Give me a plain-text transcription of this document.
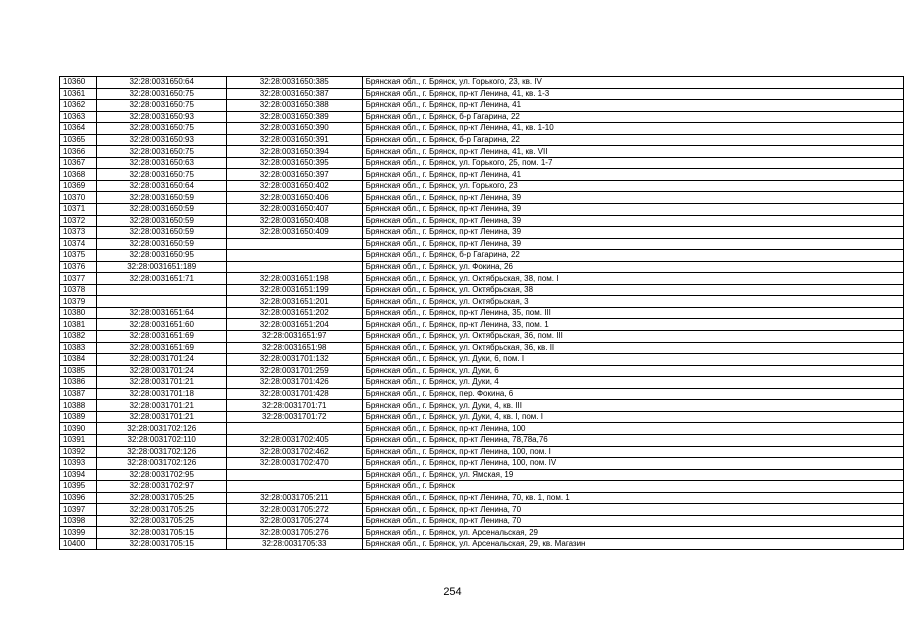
10360	32:28:0031650:64	32:28:0031650:385	Брянская обл., г. Брянск, ул. Горького, 23, кв. IV
10361	32:28:0031650:75	32:28:0031650:387	Брянская обл., г. Брянск, пр-кт Ленина, 41, кв. 1-3
10362	32:28:0031650:75	32:28:0031650:388	Брянская обл., г. Брянск, пр-кт Ленина, 41
10363	32:28:0031650:93	32:28:0031650:389	Брянская обл., г. Брянск, б-р Гагарина, 22
10364	32:28:0031650:75	32:28:0031650:390	Брянская обл., г. Брянск, пр-кт Ленина, 41, кв. 1-10
10365	32:28:0031650:93	32:28:0031650:391	Брянская обл., г. Брянск, б-р Гагарина, 22
10366	32:28:0031650:75	32:28:0031650:394	Брянская обл., г. Брянск, пр-кт Ленина, 41, кв. VII
10367	32:28:0031650:63	32:28:0031650:395	Брянская обл., г. Брянск, ул. Горького, 25, пом. 1-7
10368	32:28:0031650:75	32:28:0031650:397	Брянская обл., г. Брянск, пр-кт Ленина, 41
10369	32:28:0031650:64	32:28:0031650:402	Брянская обл., г. Брянск, ул. Горького, 23
10370	32:28:0031650:59	32:28:0031650:406	Брянская обл., г. Брянск, пр-кт Ленина, 39
10371	32:28:0031650:59	32:28:0031650:407	Брянская обл., г. Брянск, пр-кт Ленина, 39
10372	32:28:0031650:59	32:28:0031650:408	Брянская обл., г. Брянск, пр-кт Ленина, 39
10373	32:28:0031650:59	32:28:0031650:409	Брянская обл., г. Брянск, пр-кт Ленина, 39
10374	32:28:0031650:59		Брянская обл., г. Брянск, пр-кт Ленина, 39
10375	32:28:0031650:95		Брянская обл., г. Брянск, б-р Гагарина, 22
10376	32:28:0031651:189		Брянская обл., г. Брянск, ул. Фокина, 26
10377	32:28:0031651:71	32:28:0031651:198	Брянская обл., г. Брянск, ул. Октябрьская, 38, пом. I
10378		32:28:0031651:199	Брянская обл., г. Брянск, ул. Октябрьская, 38
10379		32:28:0031651:201	Брянская обл., г. Брянск, ул. Октябрьская, 3
10380	32:28:0031651:64	32:28:0031651:202	Брянская обл., г. Брянск, пр-кт Ленина, 35, пом. III
10381	32:28:0031651:60	32:28:0031651:204	Брянская обл., г. Брянск, пр-кт Ленина, 33, пом. 1
10382	32:28:0031651:69	32:28:0031651:97	Брянская обл., г. Брянск, ул. Октябрьская, 36, пом. III
10383	32:28:0031651:69	32:28:0031651:98	Брянская обл., г. Брянск, ул. Октябрьская, 36, кв. II
10384	32:28:0031701:24	32:28:0031701:132	Брянская обл., г. Брянск, ул. Дуки, 6, пом. I
10385	32:28:0031701:24	32:28:0031701:259	Брянская обл., г. Брянск, ул. Дуки, 6
10386	32:28:0031701:21	32:28:0031701:426	Брянская обл., г. Брянск, ул. Дуки, 4
10387	32:28:0031701:18	32:28:0031701:428	Брянская обл., г. Брянск, пер. Фокина, 6
10388	32:28:0031701:21	32:28:0031701:71	Брянская обл., г. Брянск, ул. Дуки, 4, кв. III
10389	32:28:0031701:21	32:28:0031701:72	Брянская обл., г. Брянск, ул. Дуки, 4, кв. I, пом. I
10390	32:28:0031702:126		Брянская обл., г. Брянск, пр-кт Ленина, 100
10391	32:28:0031702:110	32:28:0031702:405	Брянская обл., г. Брянск, пр-кт Ленина, 78,78а,76
10392	32:28:0031702:126	32:28:0031702:462	Брянская обл., г. Брянск, пр-кт Ленина, 100, пом. I
10393	32:28:0031702:126	32:28:0031702:470	Брянская обл., г. Брянск, пр-кт Ленина, 100, пом. IV
10394	32:28:0031702:95		Брянская обл., г. Брянск, ул. Ямская, 19
10395	32:28:0031702:97		Брянская обл., г. Брянск
10396	32:28:0031705:25	32:28:0031705:211	Брянская обл., г. Брянск, пр-кт Ленина, 70, кв. 1, пом. 1
10397	32:28:0031705:25	32:28:0031705:272	Брянская обл., г. Брянск, пр-кт Ленина, 70
10398	32:28:0031705:25	32:28:0031705:274	Брянская обл., г. Брянск, пр-кт Ленина, 70
10399	32:28:0031705:15	32:28:0031705:276	Брянская обл., г. Брянск, ул. Арсенальская, 29
10400	32:28:0031705:15	32:28:0031705:33	Брянская обл., г. Брянск, ул. Арсенальская, 29, кв. Магазин
254
